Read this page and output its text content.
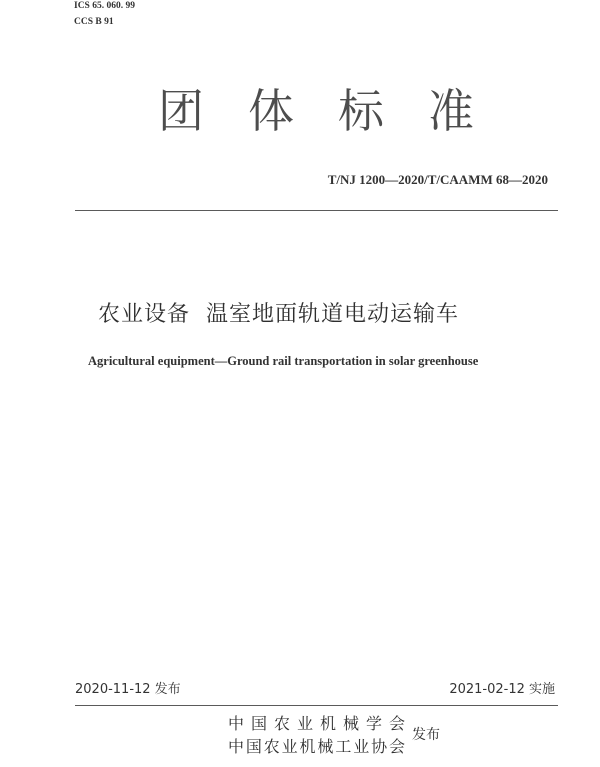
ICS 65. 060. 99
CCS B 91
团体标准
T/NJ 1200—2020/T/CAAMM 68—2020
农业设备  温室地面轨道电动运输车
Agricultural equipment—Ground rail transportation in solar greenhouse
2020-11-12 发布	2021-02-12 实施
中国农业机械学会
中国农业机械工业协会
发布
